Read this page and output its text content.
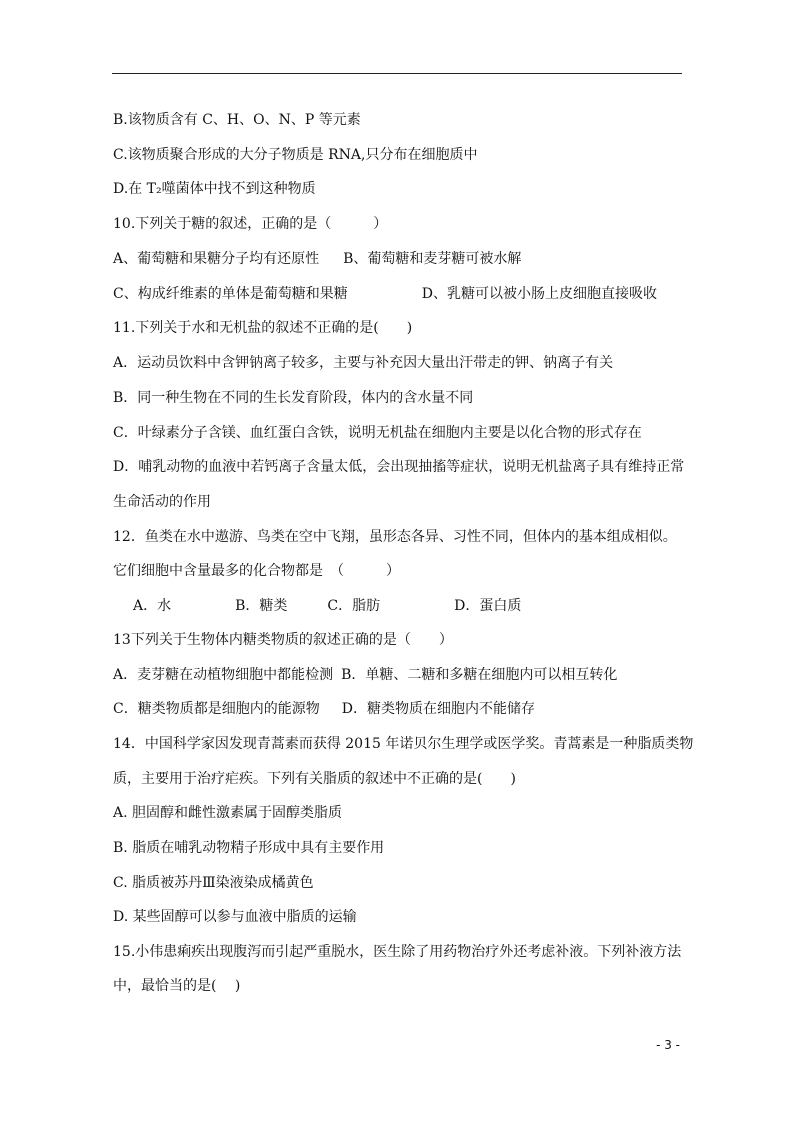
B.该物质含有 C、H、O、N、P 等元素
C.该物质聚合形成的大分子物质是 RNA,只分布在细胞质中
D.在 T₂噬菌体中找不到这种物质
10.下列关于糖的叙述，正确的是（　　　）
A、葡萄糖和果糖分子均有还原性 B、葡萄糖和麦芽糖可被水解
C、构成纤维素的单体是葡萄糖和果糖	D、乳糖可以被小肠上皮细胞直接吸收
11.下列关于水和无机盐的叙述不正确的是(　　)
A．运动员饮料中含钾钠离子较多，主要与补充因大量出汗带走的钾、钠离子有关
B．同一种生物在不同的生长发育阶段，体内的含水量不同
C．叶绿素分子含镁、血红蛋白含铁，说明无机盐在细胞内主要是以化合物的形式存在
D．哺乳动物的血液中若钙离子含量太低，会出现抽搐等症状，说明无机盐离子具有维持正常
生命活动的作用
12．鱼类在水中遨游、鸟类在空中飞翔，虽形态各异、习性不同，但体内的基本组成相似。
它们细胞中含量最多的化合物都是　（　　　）
A．水	B．糖类	C．脂肪	D．蛋白质
13下列关于生物体内糖类物质的叙述正确的是（　　）
A．麦芽糖在动植物细胞中都能检测 B．单糖、二糖和多糖在细胞内可以相互转化
C．糖类物质都是细胞内的能源物 D．糖类物质在细胞内不能储存
14．中国科学家因发现青蒿素而获得 2015 年诺贝尔生理学或医学奖。青蒿素是一种脂质类物
质，主要用于治疗疟疾。下列有关脂质的叙述中不正确的是(　　)
A. 胆固醇和雌性激素属于固醇类脂质
B. 脂质在哺乳动物精子形成中具有主要作用
C. 脂质被苏丹Ⅲ染液染成橘黄色
D. 某些固醇可以参与血液中脂质的运输
15.小伟患痢疾出现腹泻而引起严重脱水，医生除了用药物治疗外还考虑补液。下列补液方法
中，最恰当的是(　 )
- 3 -
